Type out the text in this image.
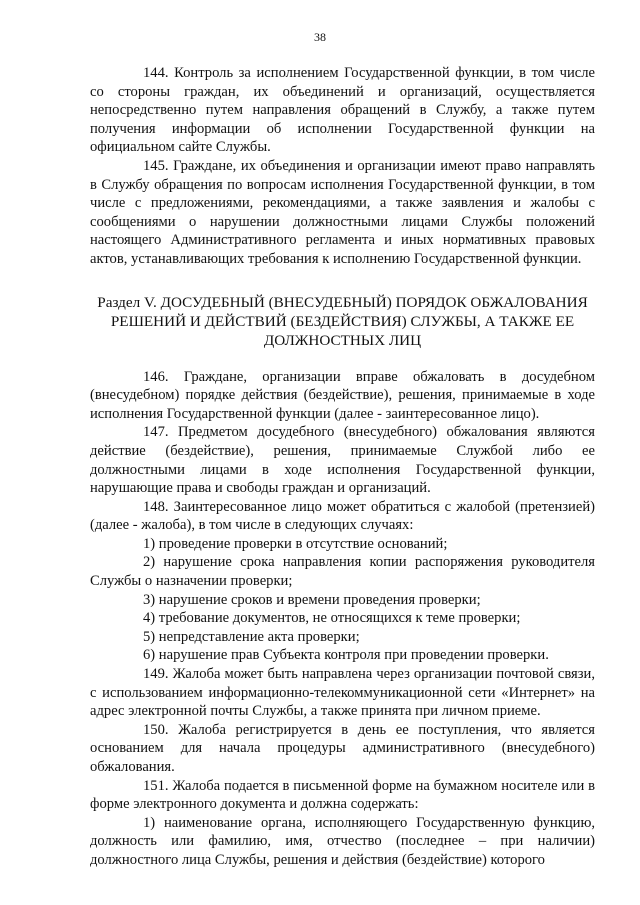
38

144. Контроль за исполнением Государственной функции, в том числе со стороны граждан, их объединений и организаций, осуществляется непосредственно путем направления обращений в Службу, а также путем получения информации об исполнении Государственной функции на официальном сайте Службы.

145. Граждане, их объединения и организации имеют право направлять в Службу обращения по вопросам исполнения Государственной функции, в том числе с предложениями, рекомендациями, а также заявления и жалобы с сообщениями о нарушении должностными лицами Службы положений настоящего Административного регламента и иных нормативных правовых актов, устанавливающих требования к исполнению Государственной функции.

Раздел V. ДОСУДЕБНЫЙ (ВНЕСУДЕБНЫЙ) ПОРЯДОК ОБЖАЛОВАНИЯ РЕШЕНИЙ И ДЕЙСТВИЙ (БЕЗДЕЙСТВИЯ) СЛУЖБЫ, А ТАКЖЕ ЕЕ ДОЛЖНОСТНЫХ ЛИЦ

146. Граждане, организации вправе обжаловать в досудебном (внесудебном) порядке действия (бездействие), решения, принимаемые в ходе исполнения Государственной функции (далее - заинтересованное лицо).

147. Предметом досудебного (внесудебного) обжалования являются действие (бездействие), решения, принимаемые Службой либо ее должностными лицами в ходе исполнения Государственной функции, нарушающие права и свободы граждан и организаций.

148. Заинтересованное лицо может обратиться с жалобой (претензией) (далее - жалоба), в том числе в следующих случаях:

1) проведение проверки в отсутствие оснований;

2) нарушение срока направления копии распоряжения руководителя Службы о назначении проверки;

3) нарушение сроков и времени проведения проверки;

4) требование документов, не относящихся к теме проверки;

5) непредставление акта проверки;

6) нарушение прав Субъекта контроля при проведении проверки.

149. Жалоба может быть направлена через организации почтовой связи, с использованием информационно-телекоммуникационной сети «Интернет» на адрес электронной почты Службы, а также принята при личном приеме.

150. Жалоба регистрируется в день ее поступления, что является основанием для начала процедуры административного (внесудебного) обжалования.

151. Жалоба подается в письменной форме на бумажном носителе или в форме электронного документа и должна содержать:

1) наименование органа, исполняющего Государственную функцию, должность или фамилию, имя, отчество (последнее – при наличии) должностного лица Службы, решения и действия (бездействие) которого
